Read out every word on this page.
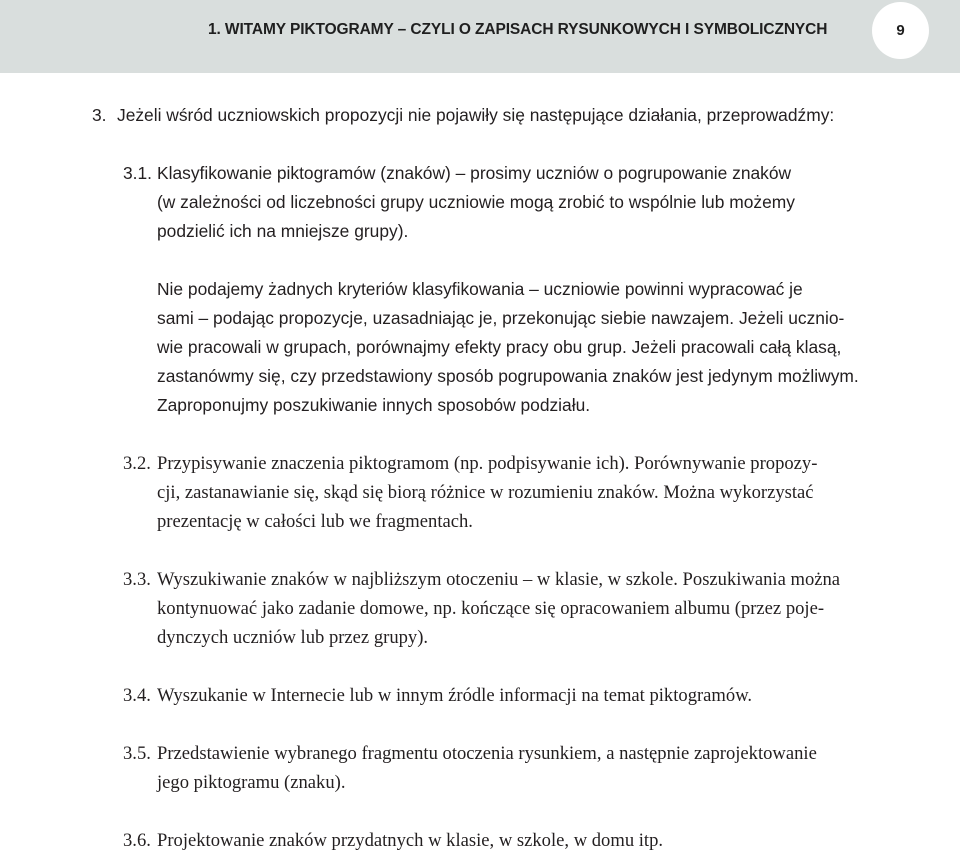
1. WITAMY PIKTOGRAMY – CZYLI O ZAPISACH RYSUNKOWYCH I SYMBOLICZNYCH	9
3. Jeżeli wśród uczniowskich propozycji nie pojawiły się następujące działania, przeprowadźmy:
3.1. Klasyfikowanie piktogramów (znaków) – prosimy uczniów o pogrupowanie znaków
(w zależności od liczebności grupy uczniowie mogą zrobić to wspólnie lub możemy
podzielić ich na mniejsze grupy).
Nie podajemy żadnych kryteriów klasyfikowania – uczniowie powinni wypracować je
sami – podając propozycje, uzasadniając je, przekonując siebie nawzajem. Jeżeli ucznio-
wie pracowali w grupach, porównajmy efekty pracy obu grup. Jeżeli pracowali całą klasą,
zastanówmy się, czy przedstawiony sposób pogrupowania znaków jest jedynym możliwym.
Zaproponujmy poszukiwanie innych sposobów podziału.
3.2. Przypisywanie znaczenia piktogramom (np. podpisywanie ich). Porównywanie propozy-
cji, zastanawianie się, skąd się biorą różnice w rozumieniu znaków. Można wykorzystać
prezentację w całości lub we fragmentach.
3.3. Wyszukiwanie znaków w najbliższym otoczeniu – w klasie, w szkole. Poszukiwania można
kontynuować jako zadanie domowe, np. kończące się opracowaniem albumu (przez poje-
dynczych uczniów lub przez grupy).
3.4. Wyszukanie w Internecie lub w innym źródle informacji na temat piktogramów.
3.5. Przedstawienie wybranego fragmentu otoczenia rysunkiem, a następnie zaprojektowanie
jego piktogramu (znaku).
3.6. Projektowanie znaków przydatnych w klasie, w szkole, w domu itp.
